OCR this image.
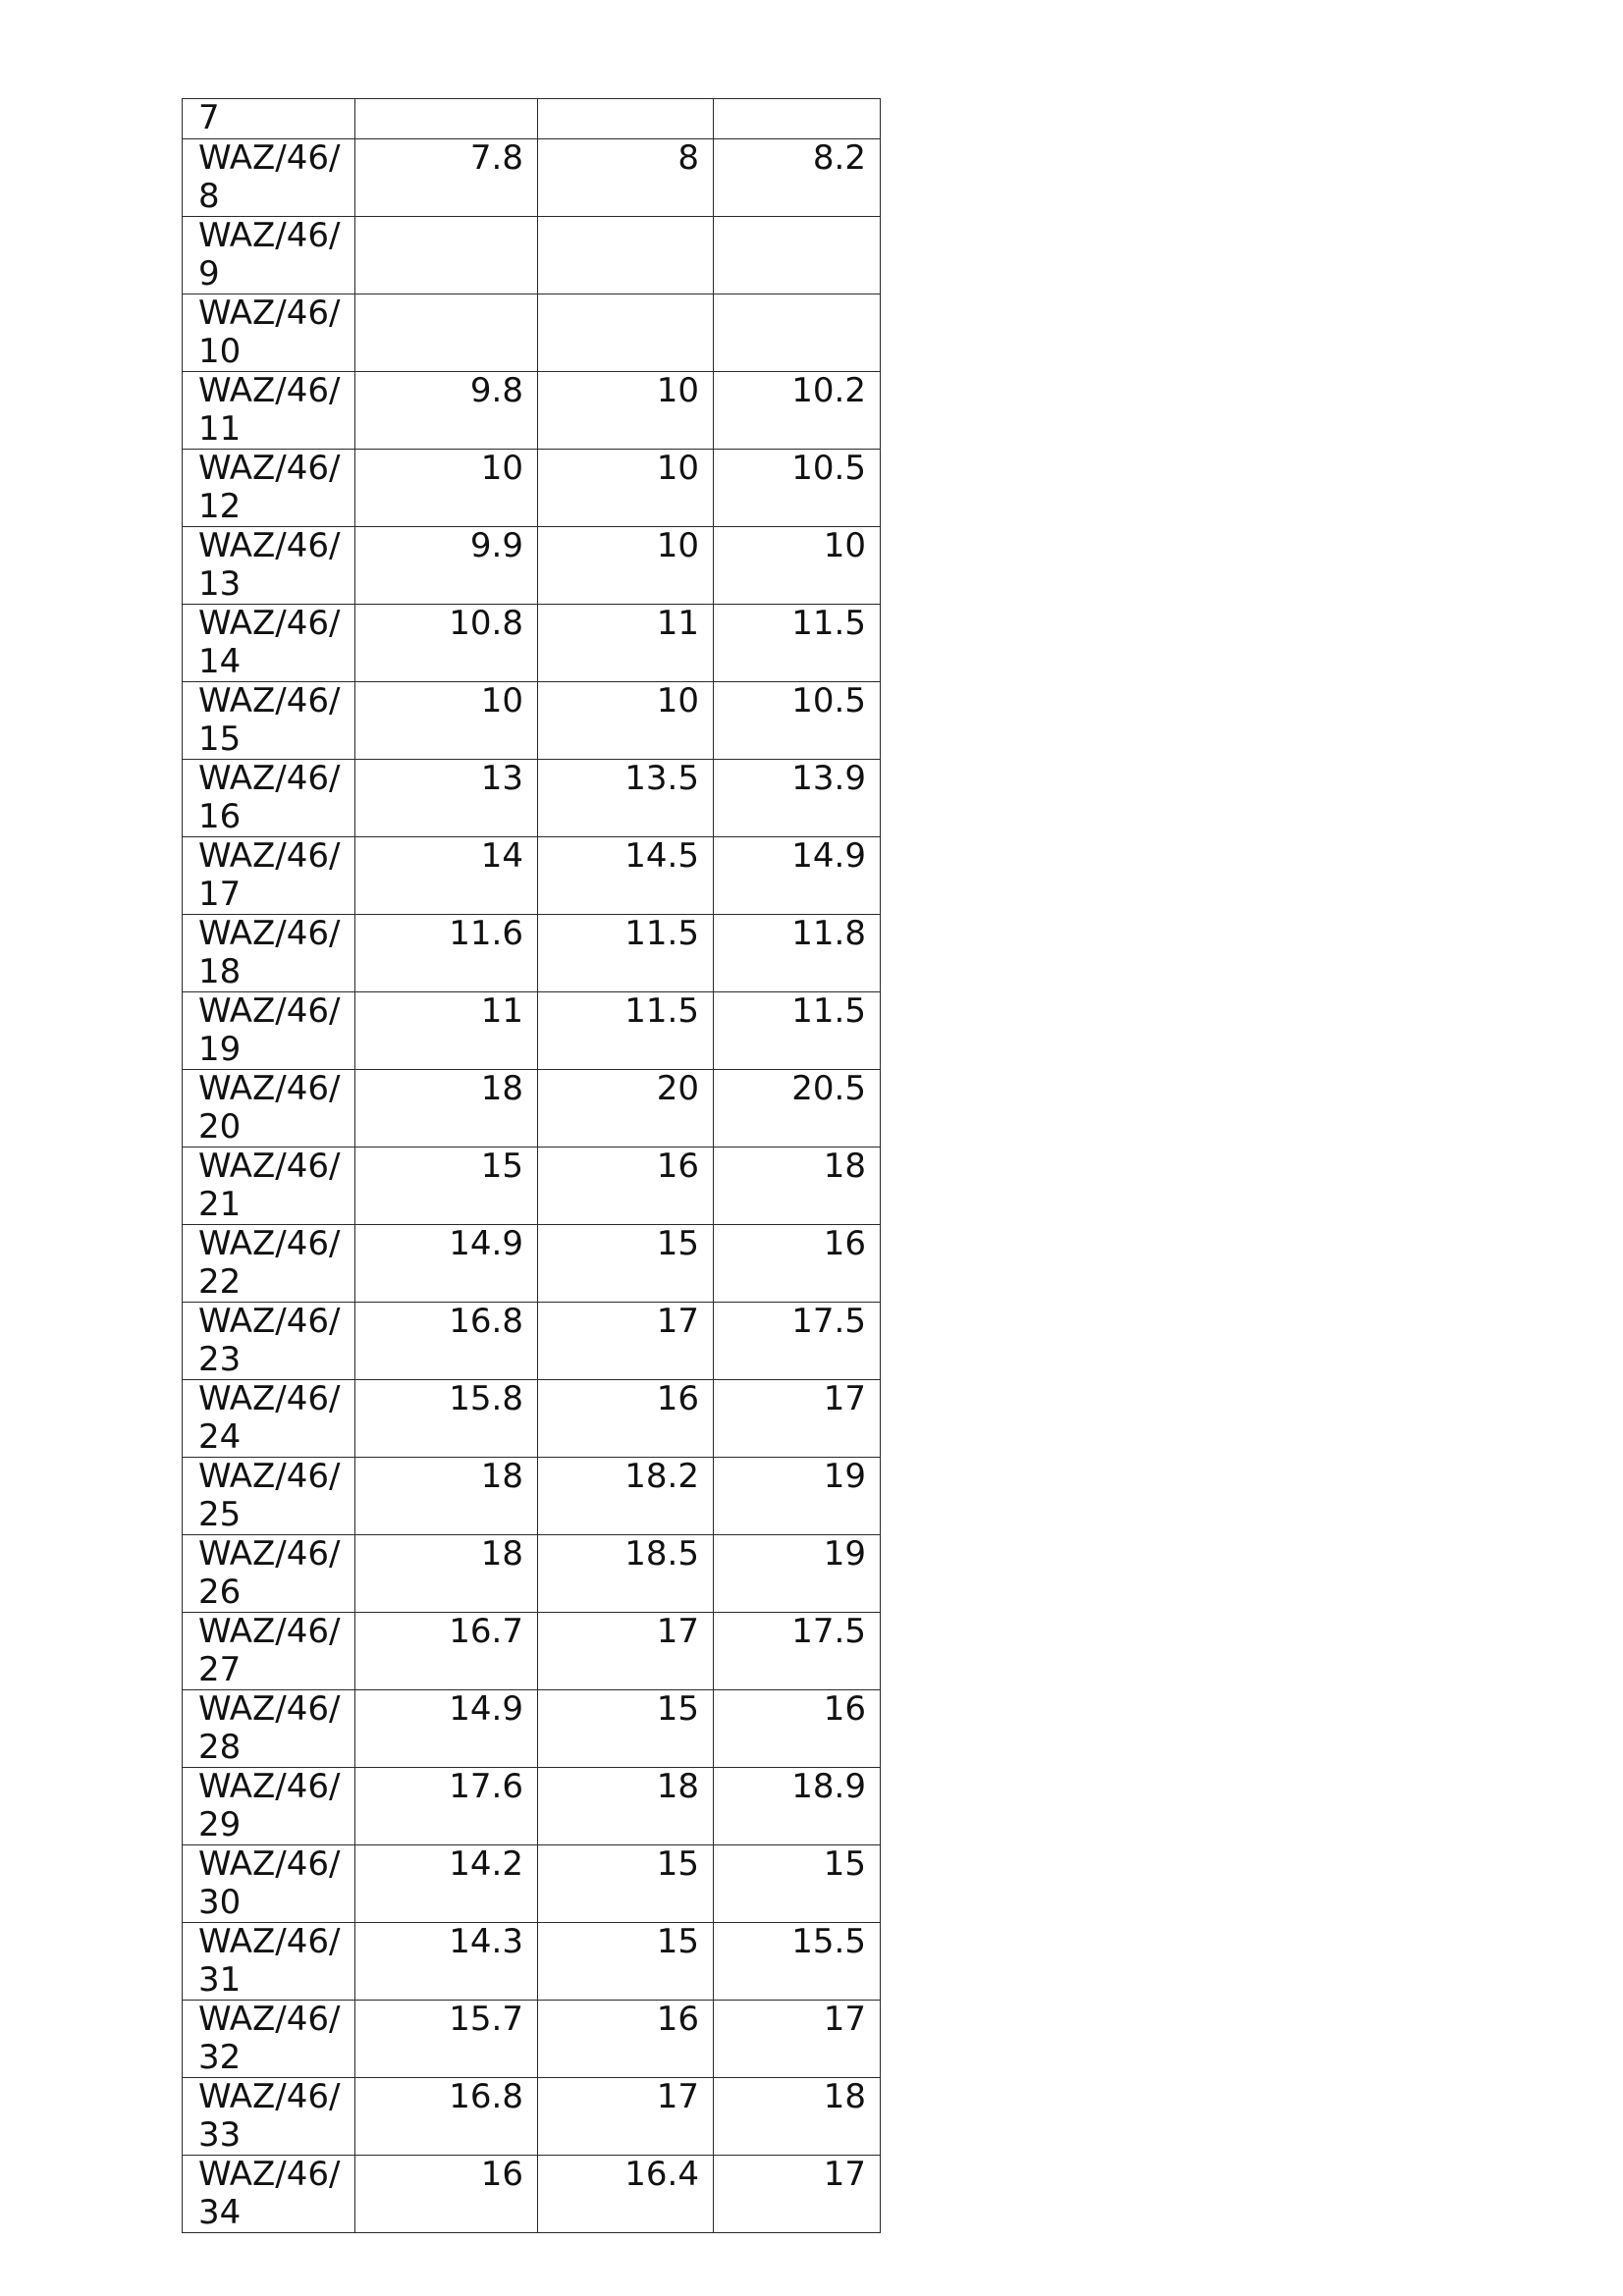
7			
WAZ/46/ 8	7.8	8	8.2
WAZ/46/ 9			
WAZ/46/ 10			
WAZ/46/ 11	9.8	10	10.2
WAZ/46/ 12	10	10	10.5
WAZ/46/ 13	9.9	10	10
WAZ/46/ 14	10.8	11	11.5
WAZ/46/ 15	10	10	10.5
WAZ/46/ 16	13	13.5	13.9
WAZ/46/ 17	14	14.5	14.9
WAZ/46/ 18	11.6	11.5	11.8
WAZ/46/ 19	11	11.5	11.5
WAZ/46/ 20	18	20	20.5
WAZ/46/ 21	15	16	18
WAZ/46/ 22	14.9	15	16
WAZ/46/ 23	16.8	17	17.5
WAZ/46/ 24	15.8	16	17
WAZ/46/ 25	18	18.2	19
WAZ/46/ 26	18	18.5	19
WAZ/46/ 27	16.7	17	17.5
WAZ/46/ 28	14.9	15	16
WAZ/46/ 29	17.6	18	18.9
WAZ/46/ 30	14.2	15	15
WAZ/46/ 31	14.3	15	15.5
WAZ/46/ 32	15.7	16	17
WAZ/46/ 33	16.8	17	18
WAZ/46/ 34	16	16.4	17
